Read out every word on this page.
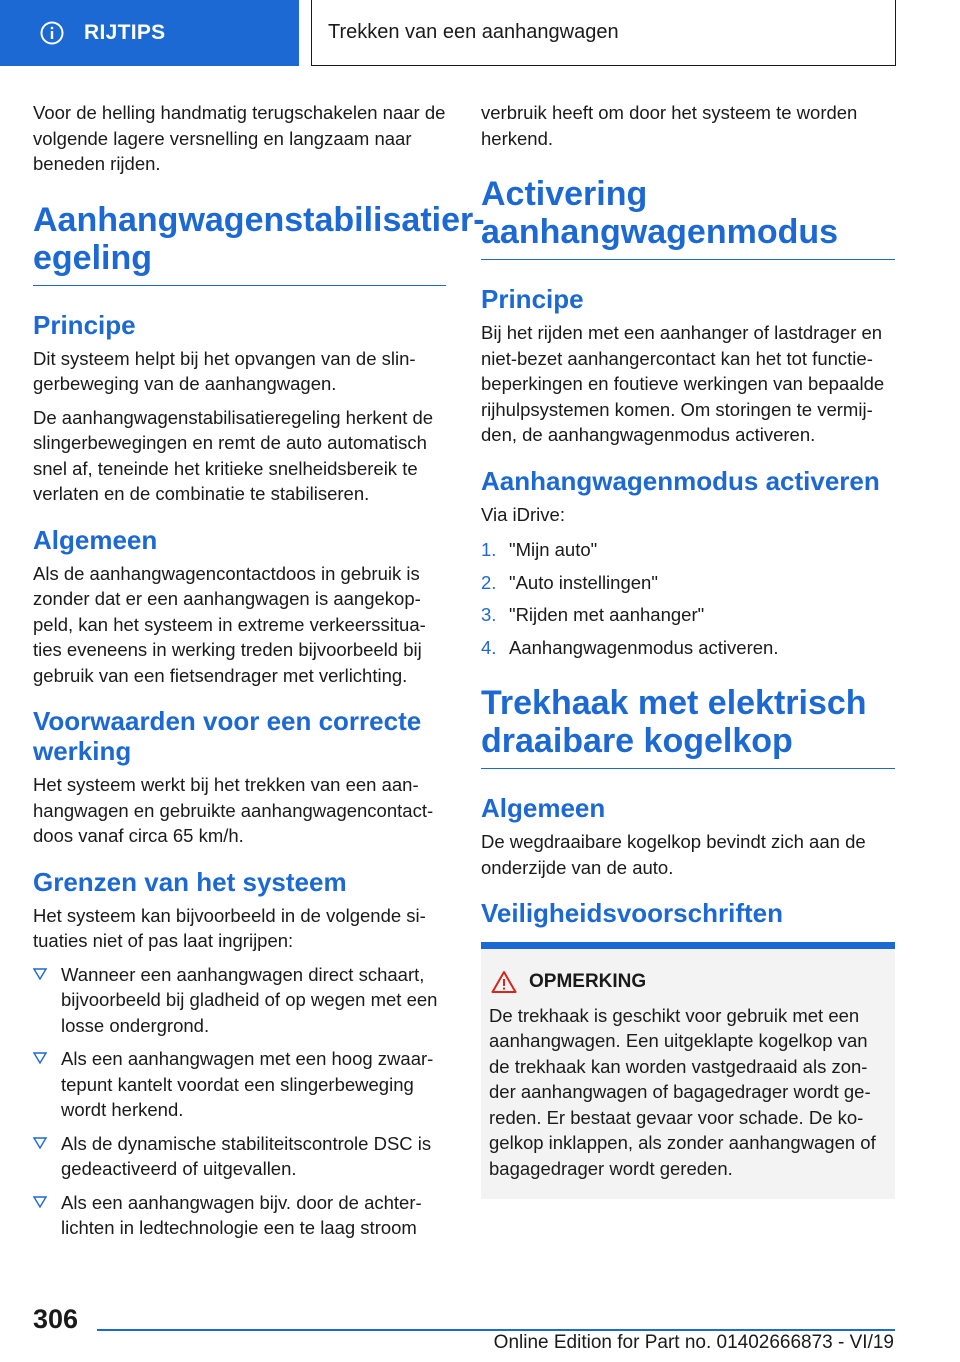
RIJTIPS	Trekken van een aanhangwagen

Voor de helling handmatig terugschakelen naar de volgende lagere versnelling en langzaam naar beneden rijden.

Aanhangwagenstabilisatieregeling
Principe

Dit systeem helpt bij het opvangen van de slingerbeweging van de aanhangwagen.

De aanhangwagenstabilisatieregeling herkent de slingerbewegingen en remt de auto automatisch snel af, teneinde het kritieke snelheidsbereik te verlaten en de combinatie te stabiliseren.

Algemeen

Als de aanhangwagencontactdoos in gebruik is zonder dat er een aanhangwagen is aangekoppeld, kan het systeem in extreme verkeerssituaties eveneens in werking treden bijvoorbeeld bij gebruik van een fietsendrager met verlichting.

Voorwaarden voor een correcte werking

Het systeem werkt bij het trekken van een aanhangwagen en gebruikte aanhangwagencontactdoos vanaf circa 65 km/h.

Grenzen van het systeem

Het systeem kan bijvoorbeeld in de volgende situaties niet of pas laat ingrijpen:

Wanneer een aanhangwagen direct schaart, bijvoorbeeld bij gladheid of op wegen met een losse ondergrond.
Als een aanhangwagen met een hoog zwaartepunt kantelt voordat een slingerbeweging wordt herkend.
Als de dynamische stabiliteitscontrole DSC is gedeactiveerd of uitgevallen.
Als een aanhangwagen bijv. door de achterlichten in ledtechnologie een te laag stroom

verbruik heeft om door het systeem te worden herkend.

Activering aanhangwagenmodus
Principe

Bij het rijden met een aanhanger of lastdrager en niet-bezet aanhangercontact kan het tot functiebeperkingen en foutieve werkingen van bepaalde rijhulpsystemen komen. Om storingen te vermijden, de aanhangwagenmodus activeren.

Aanhangwagenmodus activeren

Via iDrive:

1. "Mijn auto"
2. "Auto instellingen"
3. "Rijden met aanhanger"
4. Aanhangwagenmodus activeren.
Trekhaak met elektrisch draaibare kogelkop
Algemeen

De wegdraaibare kogelkop bevindt zich aan de onderzijde van de auto.

Veiligheidsvoorschriften
OPMERKING

De trekhaak is geschikt voor gebruik met een aanhangwagen. Een uitgeklapte kogelkop van de trekhaak kan worden vastgedraaid als zonder aanhangwagen of bagagedrager wordt gereden. Er bestaat gevaar voor schade. De kogelkop inklappen, als zonder aanhangwagen of bagagedrager wordt gereden.

306
Online Edition for Part no. 01402666873 - VI/19
